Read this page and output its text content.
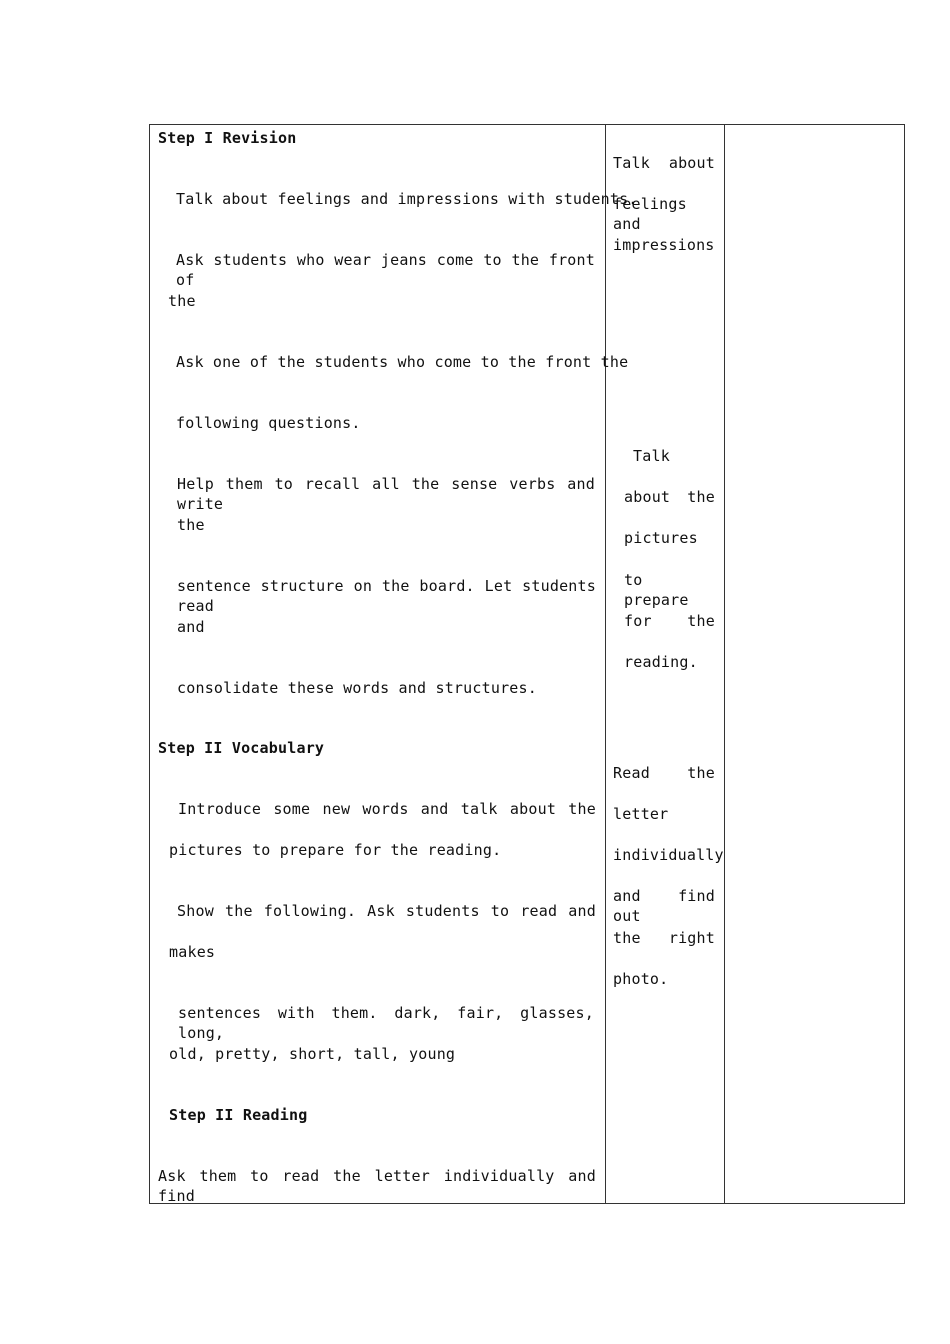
Step I Revision
Talk about feelings and impressions with students.
Ask students who wear jeans come to the front of
the
Ask one of the students who come to the front the
following questions.
Help them to recall all the sense verbs and write
the
sentence structure on the board. Let students read
and
consolidate these words and structures.
Step II Vocabulary
Introduce some new words and talk about the
pictures to prepare for the reading.
Show the following. Ask students to read and
makes
sentences with them. dark, fair, glasses, long,
old, pretty, short, tall, young
Step II Reading
Ask them to read the letter individually and find
Talk about
feelings and
impressions
Talk
about the
pictures
to prepare
for the
reading.
Read the
letter
individually
and find out
the right
photo.
